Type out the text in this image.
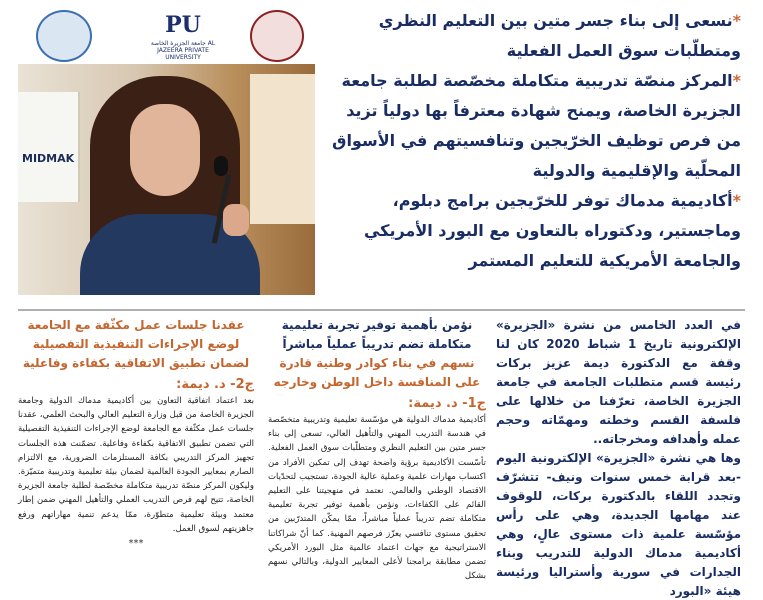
PU
جامعة الجزيرة الخاصة AL JAZEERA PRIVATE UNIVERSITY
MIDMAK

*نسعى إلى بناء جسر متين بين التعليم النظري ومتطلّبات سوق العمل الفعلية

*المركز منصّة تدريبية متكاملة مخصّصة لطلبة جامعة الجزيرة الخاصة، ويمنح شهادة معترفاً بها دولياً تزيد من فرص توظيف الخرّيجين وتنافسيتهم في الأسواق المحلّية والإقليمية والدولية

*أكاديمية مدماك توفر للخرّيجين برامج دبلوم، وماجستير، ودكتوراه بالتعاون مع البورد الأمريكي والجامعة الأمريكية للتعليم المستمر

في العدد الخامس من نشرة «الجزيرة» الإلكترونية تاريخ 1 شباط 2020 كان لنا وقفة مع الدكتورة ديمة عزيز بركات رئيسة قسم متطلبات الجامعة في جامعة الجزيرة الخاصة، تعرّفنا من خلالها على فلسفة القسم وخطته ومهمّاته وحجم عمله وأهدافه ومخرجاته..

وها هي نشرة «الجزيرة» الإلكترونية اليوم -بعد قرابة خمس سنوات ونيف- تتشرّف وتجدد اللقاء بالدكتورة بركات، للوقوف عند مهامها الجديدة، وهي على رأس مؤسّسة علمية ذات مستوى عالٍ، وهي أكاديمية مدماك الدولية للتدريب وبناء الجدارات في سورية وأستراليا ورئيسة هيئة «البورد

نؤمن بأهمية توفير تجربة تعليمية متكاملة تضم تدريباً عملياً مباشراً

نسهم في بناء كوادر وطنية قادرة على المنافسة داخل الوطن وخارجه

ج1- د. ديمة:

أكاديمية مدماك الدولية هي مؤسّسة تعليمية وتدريبية متخصّصة في هندسة التدريب المهني والتأهيل العالي، تسعى إلى بناء جسر متين بين التعليم النظري ومتطلّبات سوق العمل الفعلية. تأسّست الأكاديمية برؤية واضحة تهدف إلى تمكين الأفراد من اكتساب مهارات علمية وعملية عالية الجودة، تستجيب لتحدّيات الاقتصاد الوطني والعالمي. نعتمد في منهجيتنا على التعليم القائم على الكفاءات، ونؤمن بأهمية توفير تجربة تعليمية متكاملة تضم تدريباً عملياً مباشراً، ممّا يمكّن المتدرّبين من تحقيق مستوى تنافسي يعزّز فرصهم المهنية. كما أنّ شراكاتنا الاستراتيجية مع جهات اعتماد عالمية مثل البورد الأمريكي تضمن مطابقة برامجنا لأعلى المعايير الدولية، وبالتالي نسهم بشكل

عقدنا جلسات عمل مكثّفة مع الجامعة لوضع الإجراءات التنفيذية التفصيلية لضمان تطبيق الاتفاقية بكفاءة وفاعلية

ج2- د. ديمة:

بعد اعتماد اتفاقية التعاون بين أكاديمية مدماك الدولية وجامعة الجزيرة الخاصة من قبل وزارة التعليم العالي والبحث العلمي، عقدنا جلسات عمل مكثّفة مع الجامعة لوضع الإجراءات التنفيذية التفصيلية التي تضمن تطبيق الاتفاقية بكفاءة وفاعلية. تضمّنت هذه الجلسات تجهيز المركز التدريبي بكافة المستلزمات الضرورية، مع الالتزام الصارم بمعايير الجودة العالمية لضمان بيئة تعليمية وتدريبية متميّزة. وليكون المركز منصّة تدريبية متكاملة مخصّصة لطلبة جامعة الجزيرة الخاصة، تتيح لهم فرص التدريب العملي والتأهيل المهني ضمن إطار معتمد وبيئة تعليمية متطوّرة، ممّا يدعم تنمية مهاراتهم ورفع جاهزيتهم لسوق العمل.

***
